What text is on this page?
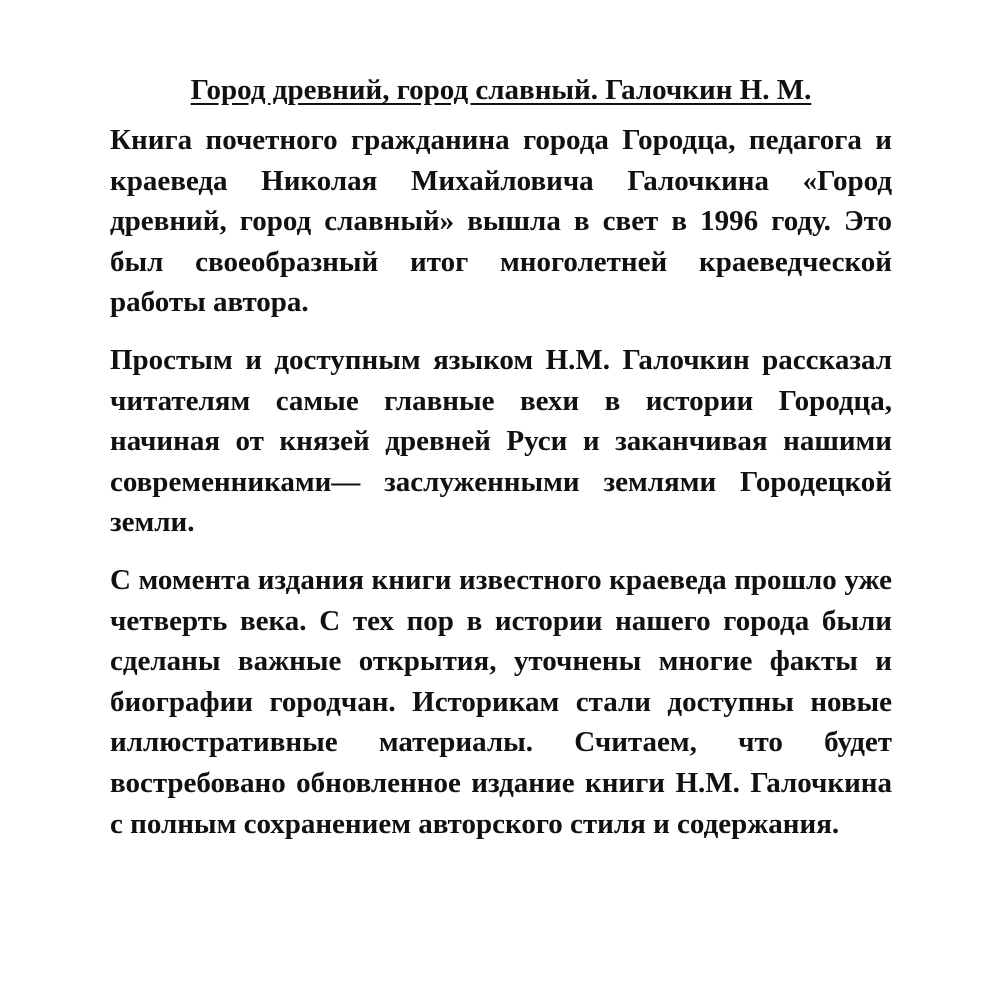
Город древний, город славный. Галочкин Н. М.

Книга почетного гражданина города Городца, педагога и краеведа Николая Михайловича Галочкина «Город древний, город славный» вышла в свет в 1996 году. Это был своеобразный итог многолетней краеведческой работы автора.

Простым и доступным языком Н.М. Галочкин рассказал читателям самые главные вехи в истории Городца, начиная от князей древней Руси и заканчивая нашими современниками— заслуженными землями Городецкой земли.

С момента издания книги известного краеведа прошло уже четверть века. С тех пор в истории нашего города были сделаны важные открытия, уточнены многие факты и биографии городчан. Историкам стали доступны новые иллюстративные материалы. Считаем, что будет востребовано обновленное издание книги Н.М. Галочкина с полным сохранением авторского стиля и содержания.
